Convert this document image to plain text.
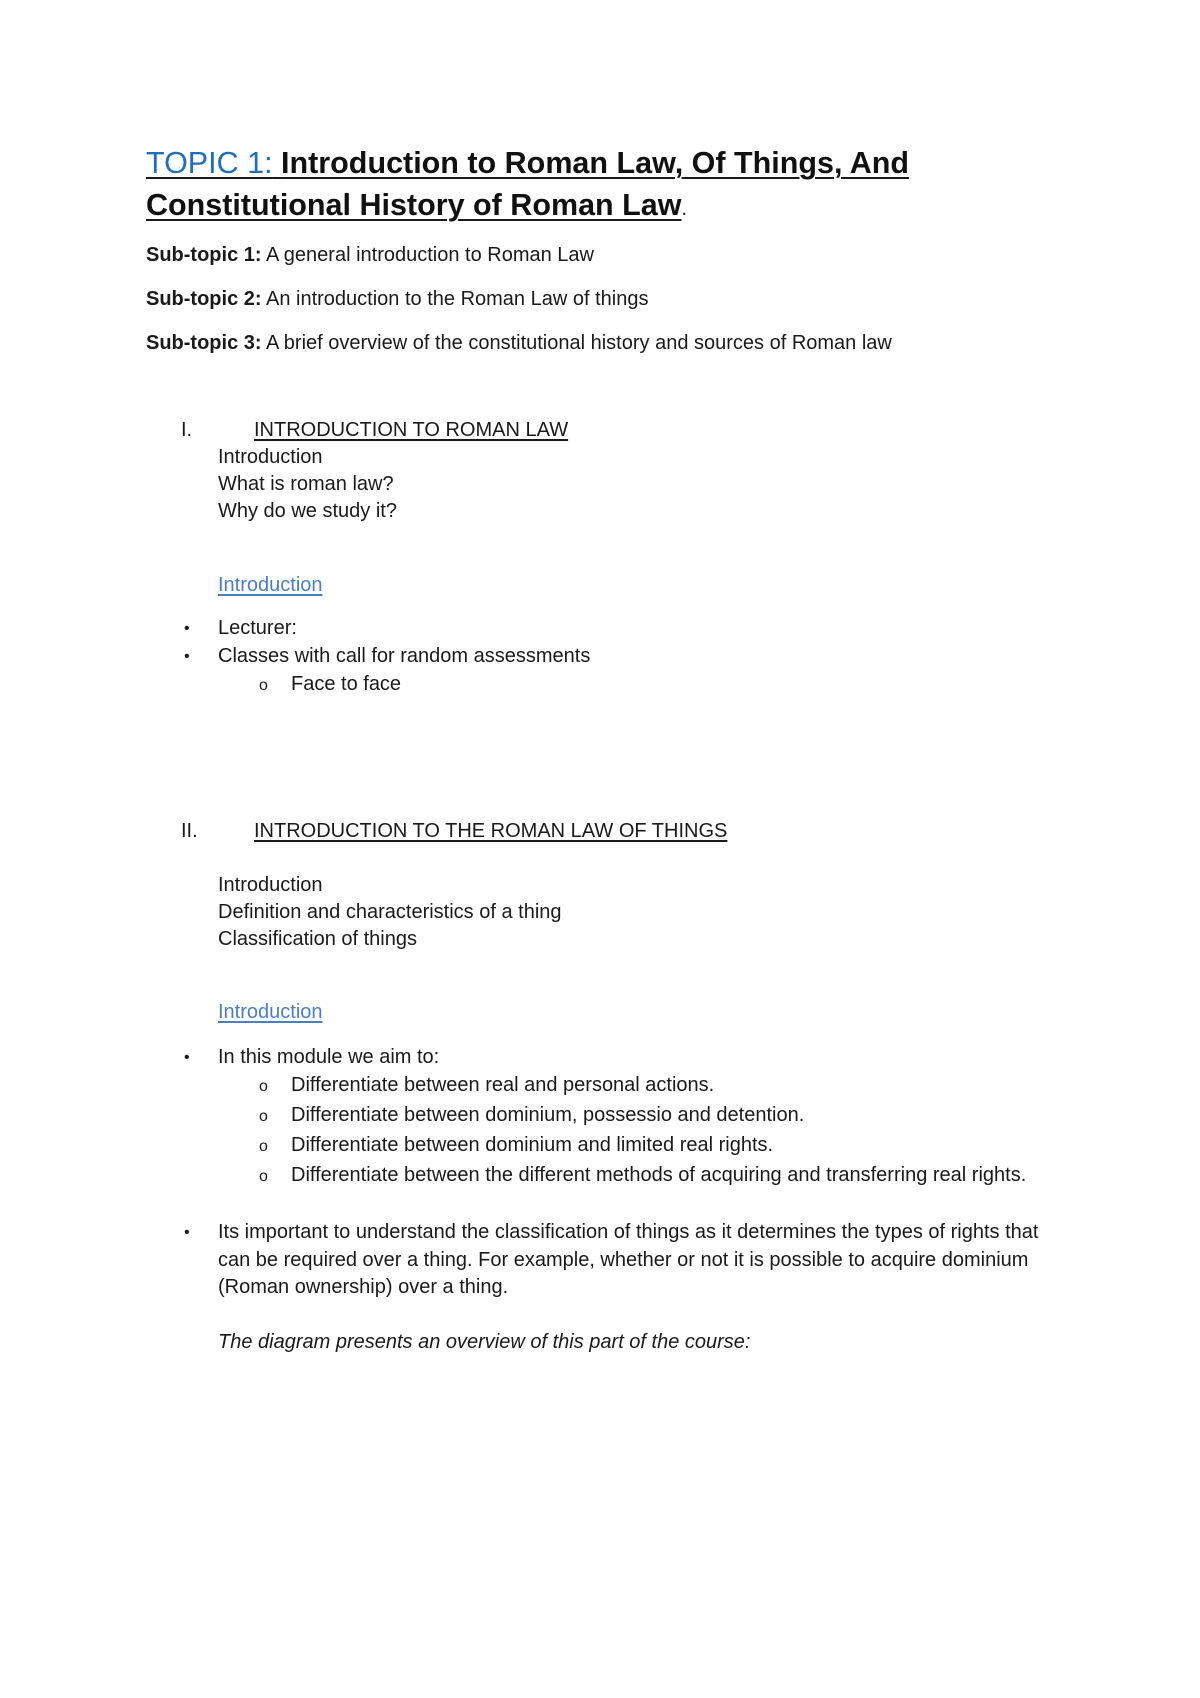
TOPIC 1: Introduction to Roman Law, Of Things, And Constitutional History of Roman Law.
Sub-topic 1: A general introduction to Roman Law
Sub-topic 2: An introduction to the Roman Law of things
Sub-topic 3: A brief overview of the constitutional history and sources of Roman law
I.	INTRODUCTION TO ROMAN LAW
Introduction
What is roman law?
Why do we study it?
Introduction
• Lecturer:
• Classes with call for random assessments
o Face to face
II.	INTRODUCTION TO THE ROMAN LAW OF THINGS
Introduction
Definition and characteristics of a thing
Classification of things
Introduction
• In this module we aim to:
o Differentiate between real and personal actions.
o Differentiate between dominium, possessio and detention.
o Differentiate between dominium and limited real rights.
o Differentiate between the different methods of acquiring and transferring real rights.
• Its important to understand the classification of things as it determines the types of rights that can be required over a thing. For example, whether or not it is possible to acquire dominium (Roman ownership) over a thing.
The diagram presents an overview of this part of the course:
